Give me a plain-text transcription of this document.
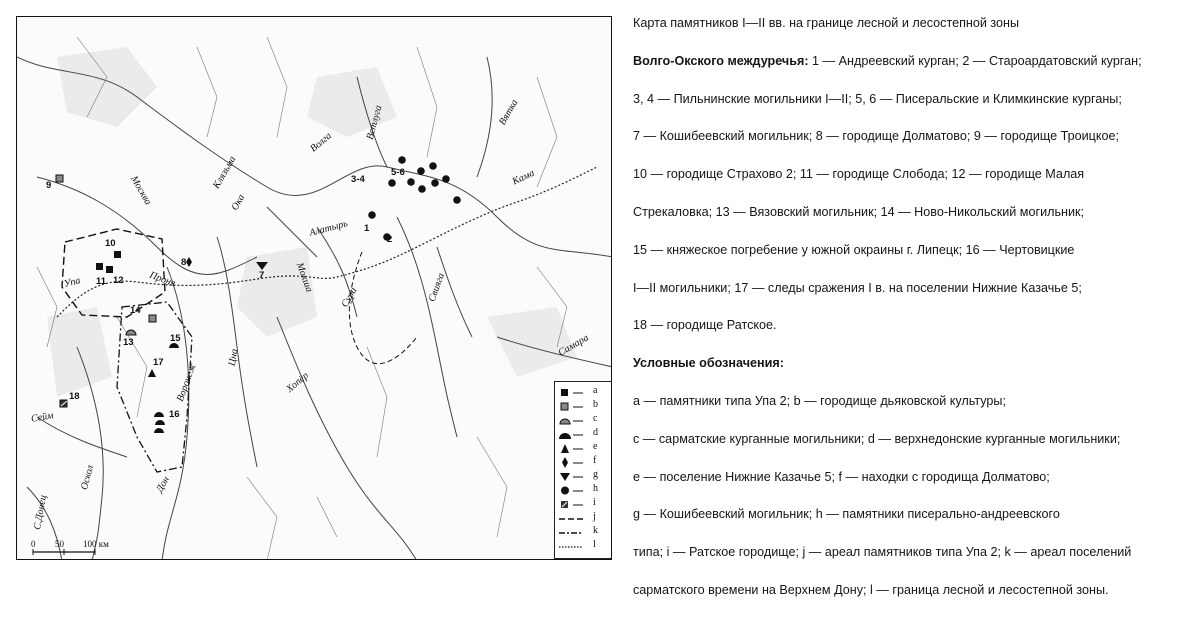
Москва	Клязьма
Волга
Ветлуга	Вятка
Кама
Ока
Алатырь
Упа	Проня	Мокша
Сура	Свияга
Цна
Хопёр
Воронеж
Самара
Сейм
Оскол
С.Донец
Дон
1
2
3-4
5-6
7
8
9
10
11 12
13
14
15
16
17
18
a
b
c
d
e
f
g
h
i
j
k
l
0 50 100 км
Карта памятников I—II вв. на границе лесной и лесостепной зоны
Волго-Окского междуречья: 1 — Андреевский курган; 2 — Староардатовский курган;
3, 4 — Пильнинские могильники I—II; 5, 6 — Писеральские и Климкинские курганы;
7 — Кошибеевский могильник; 8 — городище Долматово; 9 — городище Троицкое;
10 — городище Страхово 2; 11 — городище Слобода; 12 — городище Малая
Стрекаловка; 13 — Вязовский могильник; 14 — Ново-Никольский могильник;
15 — княжеское погребение у южной окраины г. Липецк; 16 — Чертовицкие
I—II могильники; 17 — следы сражения I в. на поселении Нижние Казачье 5;
18 — городище Ратское.
Условные обозначения:
a — памятники типа Упа 2; b — городище дьяковской культуры;
c — сарматские курганные могильники; d — верхнедонские курганные могильники;
e — поселение Нижние Казачье 5; f — находки с городища Долматово;
g — Кошибеевский могильник; h — памятники писерально-андреевского
типа; i — Ратское городище; j — ареал памятников типа Упа 2; k — ареал поселений
сарматского времени на Верхнем Дону; l — граница лесной и лесостепной зоны.
